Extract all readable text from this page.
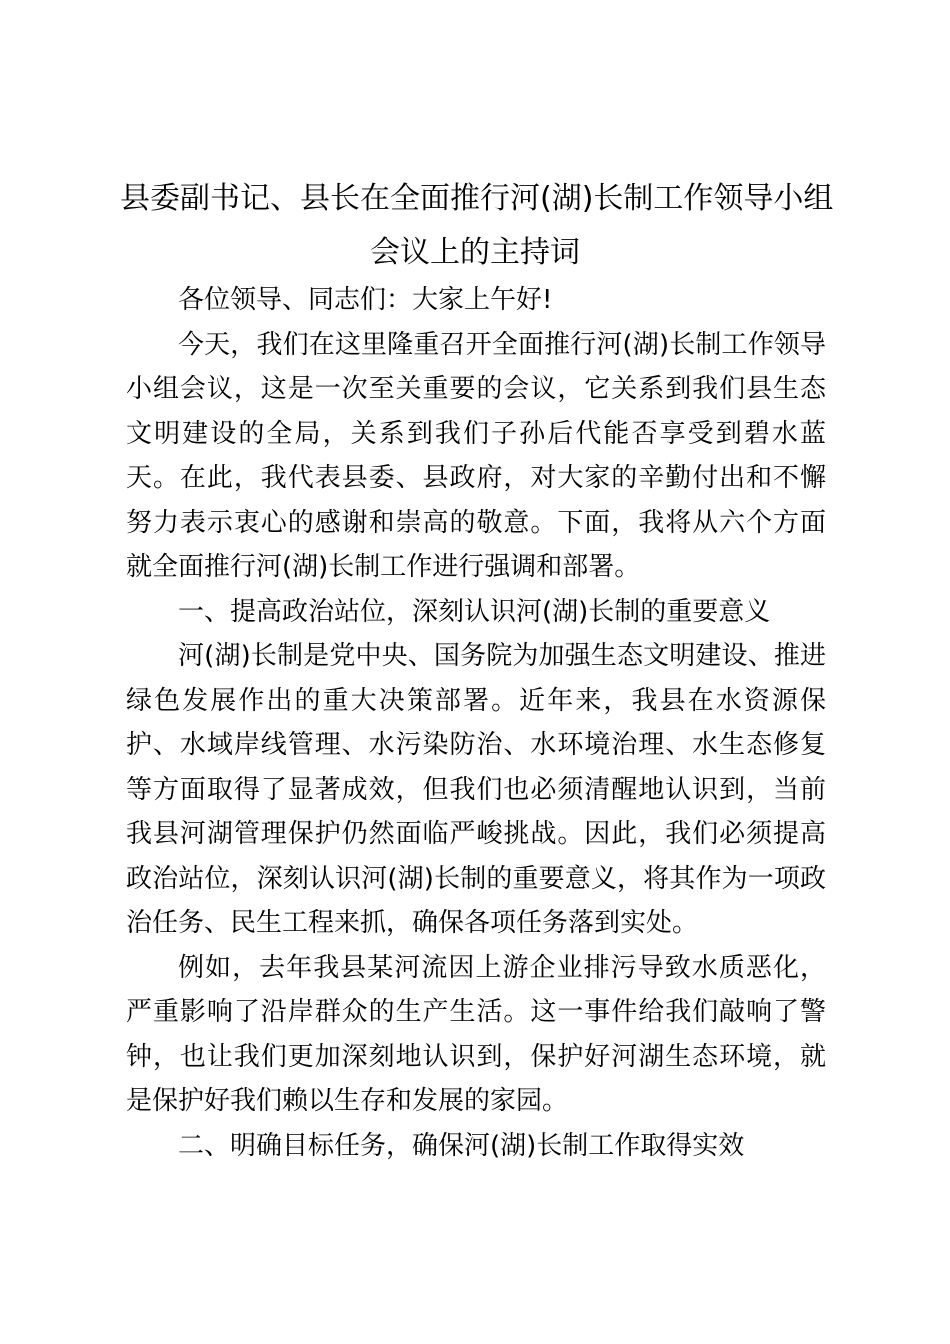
县委副书记、县长在全面推行河(湖)长制工作领导小组
会议上的主持词

各位领导、同志们：大家上午好!

今天，我们在这里隆重召开全面推行河(湖)长制工作领导小组会议，这是一次至关重要的会议，它关系到我们县生态文明建设的全局，关系到我们子孙后代能否享受到碧水蓝天。在此，我代表县委、县政府，对大家的辛勤付出和不懈努力表示衷心的感谢和崇高的敬意。下面，我将从六个方面就全面推行河(湖)长制工作进行强调和部署。

一、提高政治站位，深刻认识河(湖)长制的重要意义

河(湖)长制是党中央、国务院为加强生态文明建设、推进绿色发展作出的重大决策部署。近年来，我县在水资源保护、水域岸线管理、水污染防治、水环境治理、水生态修复等方面取得了显著成效，但我们也必须清醒地认识到，当前我县河湖管理保护仍然面临严峻挑战。因此，我们必须提高政治站位，深刻认识河(湖)长制的重要意义，将其作为一项政治任务、民生工程来抓，确保各项任务落到实处。

例如，去年我县某河流因上游企业排污导致水质恶化，严重影响了沿岸群众的生产生活。这一事件给我们敲响了警钟，也让我们更加深刻地认识到，保护好河湖生态环境，就是保护好我们赖以生存和发展的家园。

二、明确目标任务，确保河(湖)长制工作取得实效
